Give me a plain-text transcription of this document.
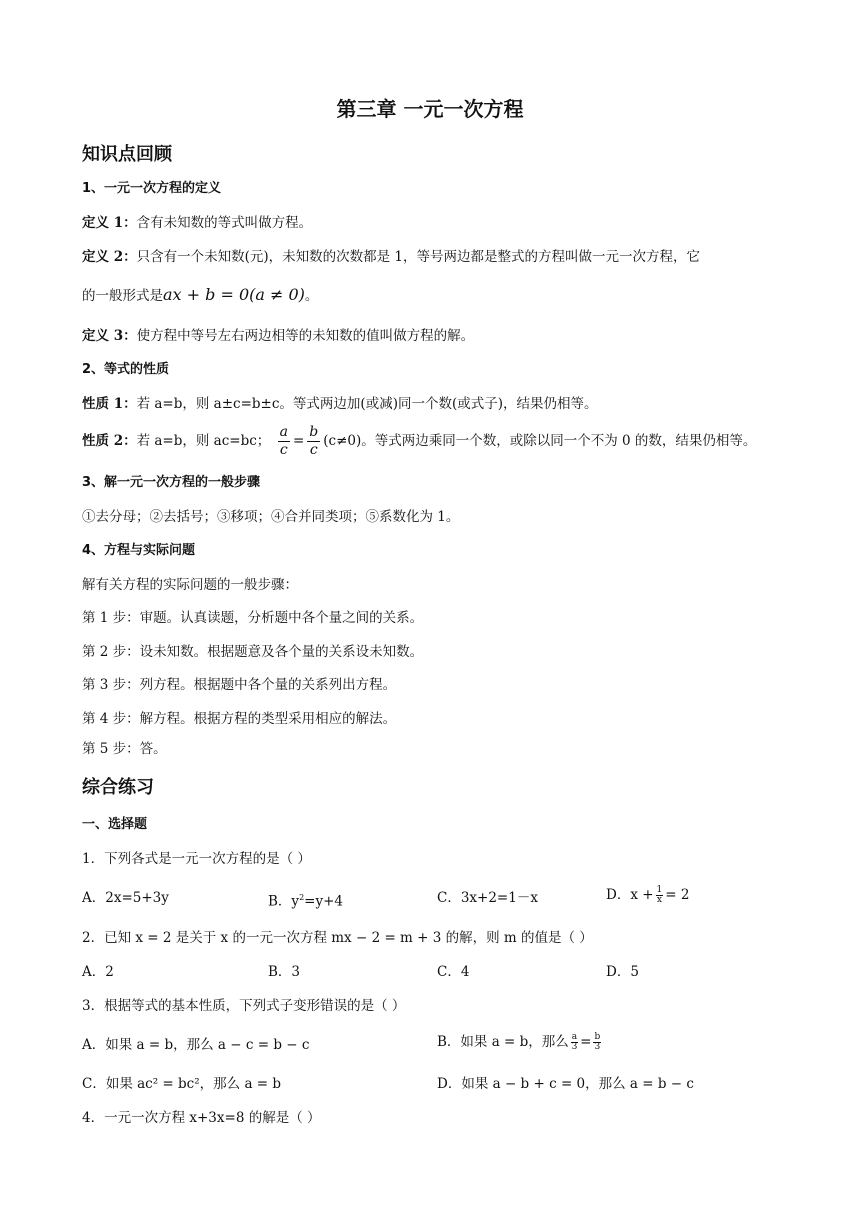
第三章 一元一次方程
知识点回顾
1、一元一次方程的定义
定义 1：含有未知数的等式叫做方程。
定义 2：只含有一个未知数(元)，未知数的次数都是 1，等号两边都是整式的方程叫做一元一次方程，它
的一般形式是ax + b = 0(a ≠ 0)。
定义 3：使方程中等号左右两边相等的未知数的值叫做方程的解。
2、等式的性质
性质 1：若 a=b，则 a±c=b±c。等式两边加(或减)同一个数(或式子)，结果仍相等。
性质 2：若 a=b，则 ac=bc； $\frac{a}{c} = \frac{b}{c} (c\ne 0)$。等式两边乘同一个数，或除以同一个不为 0 的数，结果仍相等。
3、解一元一次方程的一般步骤
①去分母；②去括号；③移项；④合并同类项；⑤系数化为 1。
4、方程与实际问题
解有关方程的实际问题的一般步骤：
第 1 步：审题。认真读题，分析题中各个量之间的关系。
第 2 步：设未知数。根据题意及各个量的关系设未知数。
第 3 步：列方程。根据题中各个量的关系列出方程。
第 4 步：解方程。根据方程的类型采用相应的解法。
第 5 步：答。
综合练习
一、选择题
1．下列各式是一元一次方程的是（ ）
A．2x=5+3y	B．$y^2=y+4$	C．3x+2=1－x	D．$x + \frac{1}{x} = 2$
2．已知 x = 2 是关于 x 的一元一次方程 mx − 2 = m + 3 的解，则 m 的值是（ ）
A．2	B．3	C．4	D．5
3．根据等式的基本性质，下列式子变形错误的是（ ）
A．如果 a = b，那么 a − c = b − c	B．如果 a = b，那么 $\frac{a}{3} = \frac{b}{3}$
C．如果 ac² = bc²，那么 a = b	D．如果 a − b + c = 0，那么 a = b − c
4．一元一次方程 x+3x=8 的解是（ ）
